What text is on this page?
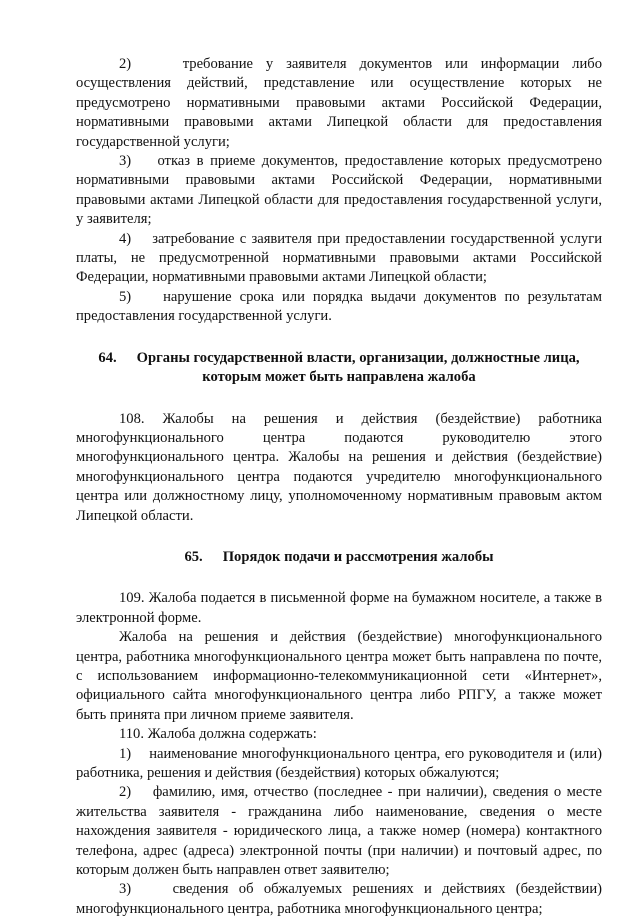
2)    требование у заявителя документов или информации либо осуществления действий, представление или осуществление которых не предусмотрено нормативными правовыми актами Российской Федерации, нормативными правовыми актами Липецкой области для предоставления государственной услуги;

3)    отказ в приеме документов, предоставление которых предусмотрено нормативными правовыми актами Российской Федерации, нормативными правовыми актами Липецкой области для предоставления государственной услуги, у заявителя;

4)    затребование с заявителя при предоставлении государственной услуги платы, не предусмотренной нормативными правовыми актами Российской Федерации, нормативными правовыми актами Липецкой области;

5)    нарушение срока или порядка выдачи документов по результатам предоставления государственной услуги.

64. Органы государственной власти, организации, должностные лица,
которым может быть направлена жалоба

108. Жалобы на решения и действия (бездействие) работника многофункционального центра подаются руководителю этого многофункционального центра. Жалобы на решения и действия (бездействие) многофункционального центра подаются учредителю многофункционального центра или должностному лицу, уполномоченному нормативным правовым актом Липецкой области.

65. Порядок подачи и рассмотрения жалобы

109. Жалоба подается в письменной форме на бумажном носителе, а также в электронной форме.

Жалоба на решения и действия (бездействие) многофункционального центра, работника многофункционального центра может быть направлена по почте, с использованием информационно-телекоммуникационной сети «Интернет», официального сайта многофункционального центра либо РПГУ, а также может быть принята при личном приеме заявителя.

110. Жалоба должна содержать:

1)    наименование многофункционального центра, его руководителя и (или) работника, решения и действия (бездействия) которых обжалуются;

2)    фамилию, имя, отчество (последнее - при наличии), сведения о месте жительства заявителя - гражданина либо наименование, сведения о месте нахождения заявителя - юридического лица, а также номер (номера) контактного телефона, адрес (адреса) электронной почты (при наличии) и почтовый адрес, по которым должен быть направлен ответ заявителю;

3)    сведения об обжалуемых решениях и действиях (бездействии) многофункционального центра, работника многофункционального центра;
